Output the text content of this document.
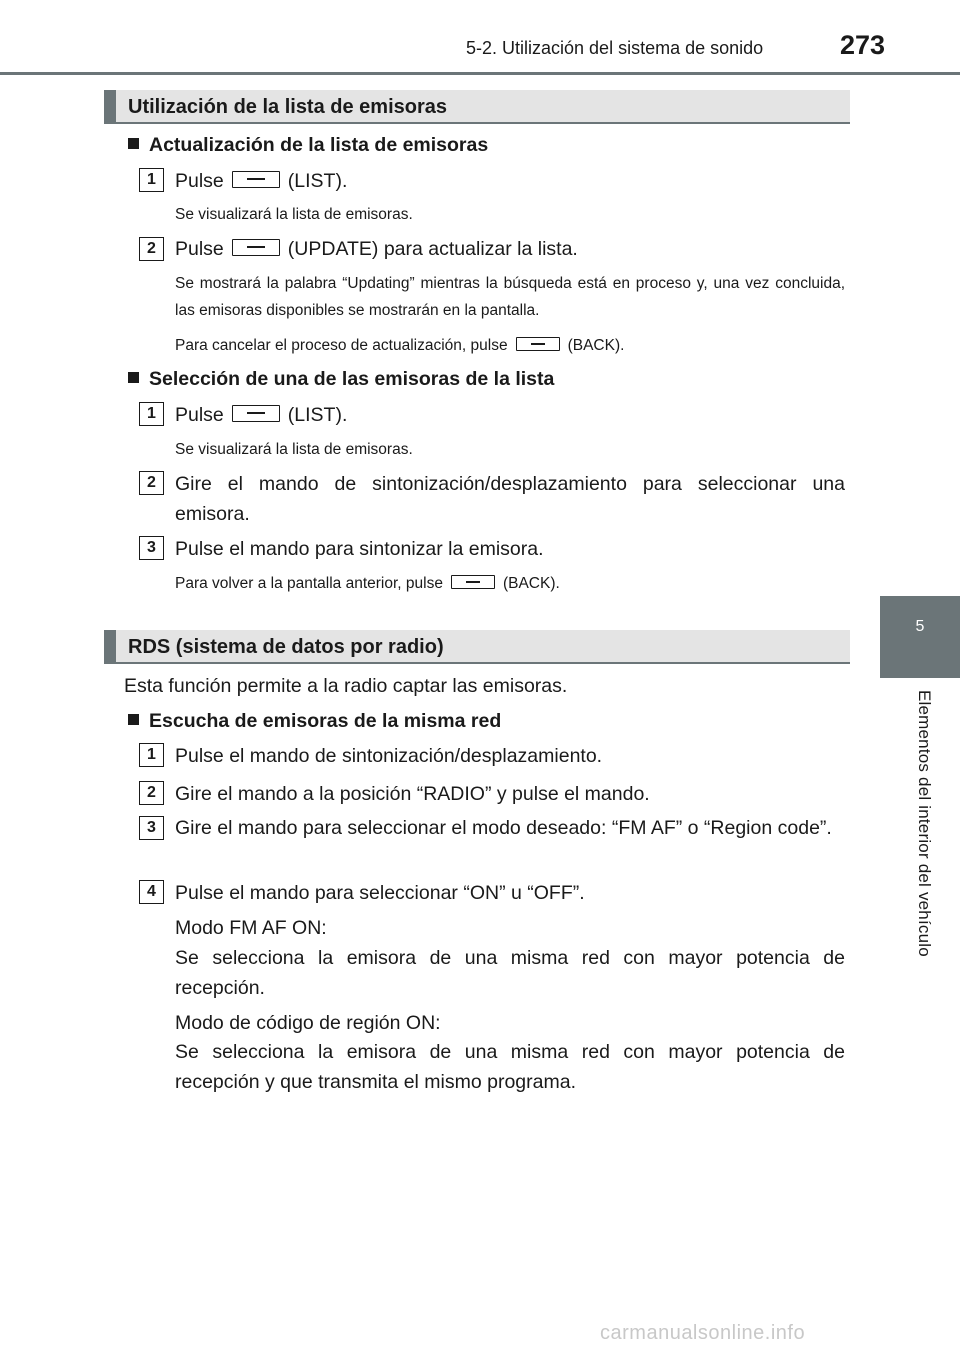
5-2. Utilización del sistema de sonido	273
5
Elementos del interior del vehículo
Utilización de la lista de emisoras
Actualización de la lista de emisoras
1 Pulse	(LIST).
Se visualizará la lista de emisoras.
2 Pulse	(UPDATE) para actualizar la lista.
Se mostrará la palabra “Updating” mientras la búsqueda está en proceso y, una vez concluida, las emisoras disponibles se mostrarán en la pantalla.
Para cancelar el proceso de actualización, pulse	(BACK).
Selección de una de las emisoras de la lista
1 Pulse	(LIST).
Se visualizará la lista de emisoras.
2 Gire el mando de sintonización/desplazamiento para seleccionar una emisora.
3 Pulse el mando para sintonizar la emisora.
Para volver a la pantalla anterior, pulse	(BACK).
RDS (sistema de datos por radio)
Esta función permite a la radio captar las emisoras.
Escucha de emisoras de la misma red
1 Pulse el mando de sintonización/desplazamiento.
2 Gire el mando a la posición “RADIO” y pulse el mando.
3 Gire el mando para seleccionar el modo deseado: “FM AF” o “Region code”.
4 Pulse el mando para seleccionar “ON” u “OFF”.
Modo FM AF ON:
Se selecciona la emisora de una misma red con mayor potencia de recepción.
Modo de código de región ON:
Se selecciona la emisora de una misma red con mayor potencia de recepción y que transmita el mismo programa.
carmanualsonline.info
